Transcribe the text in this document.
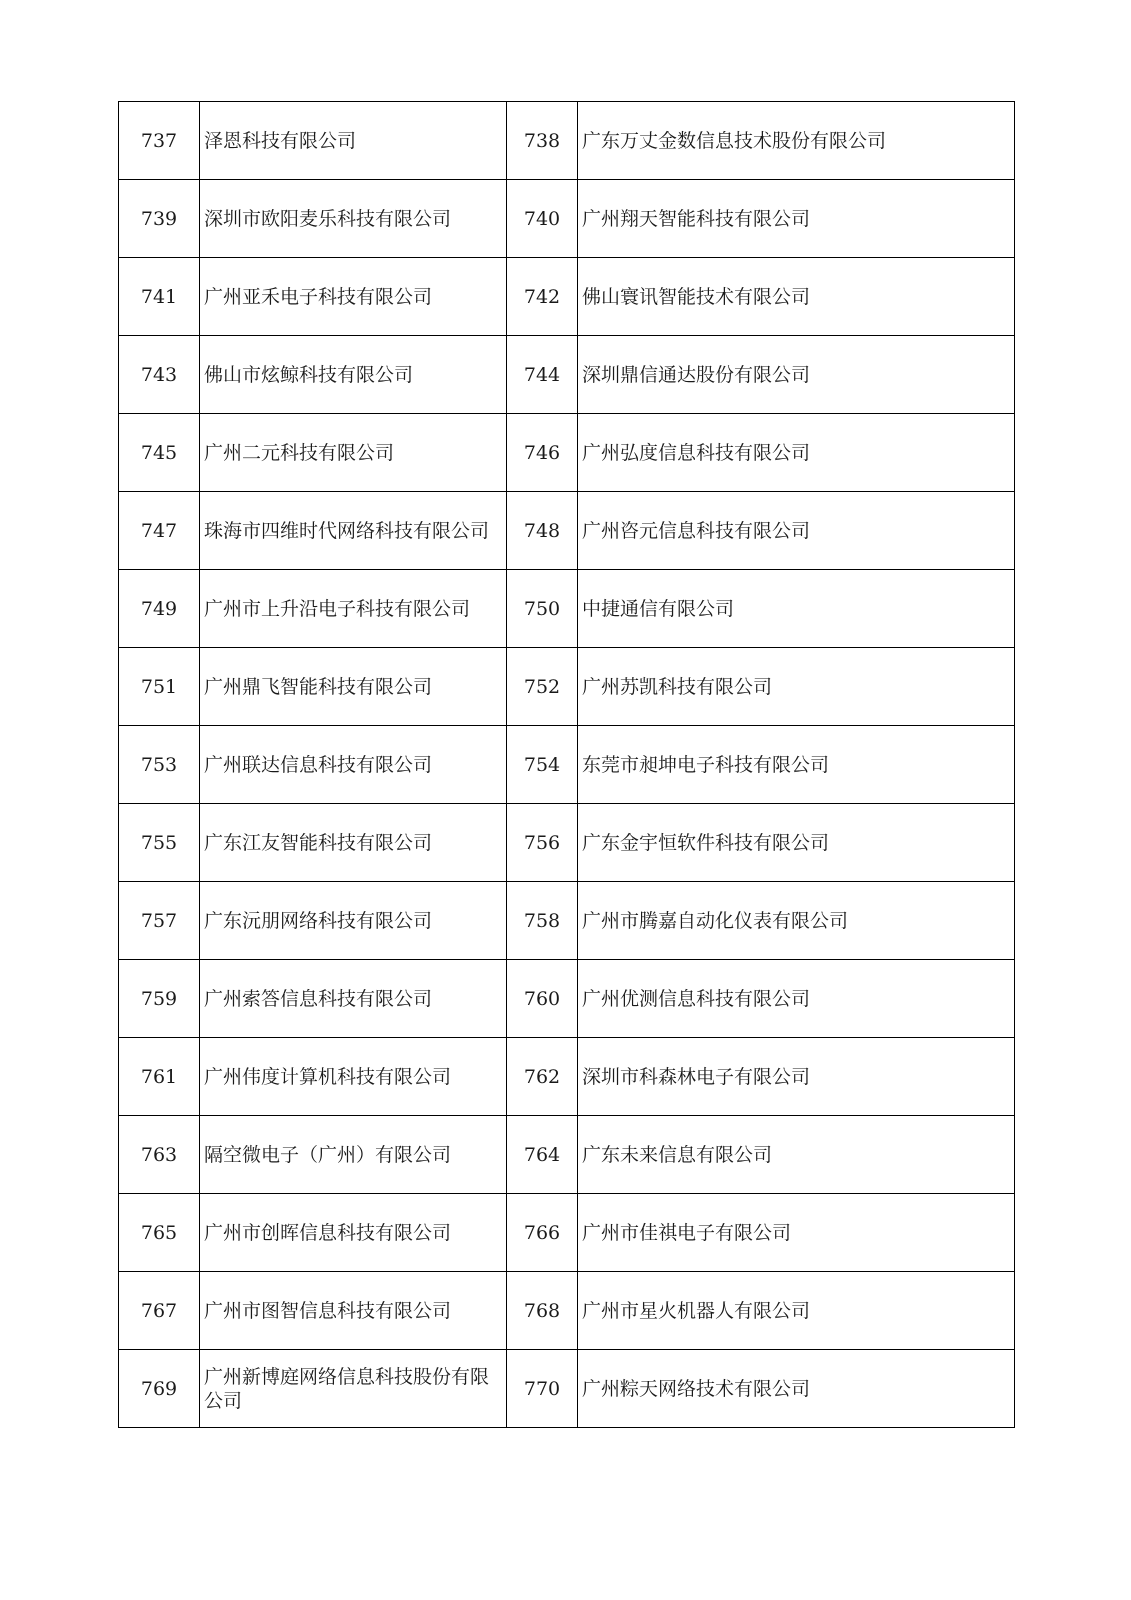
737	泽恩科技有限公司	738	广东万丈金数信息技术股份有限公司
739	深圳市欧阳麦乐科技有限公司	740	广州翔天智能科技有限公司
741	广州亚禾电子科技有限公司	742	佛山寰讯智能技术有限公司
743	佛山市炫鲸科技有限公司	744	深圳鼎信通达股份有限公司
745	广州二元科技有限公司	746	广州弘度信息科技有限公司
747	珠海市四维时代网络科技有限公司	748	广州咨元信息科技有限公司
749	广州市上升沿电子科技有限公司	750	中捷通信有限公司
751	广州鼎飞智能科技有限公司	752	广州苏凯科技有限公司
753	广州联达信息科技有限公司	754	东莞市昶坤电子科技有限公司
755	广东江友智能科技有限公司	756	广东金宇恒软件科技有限公司
757	广东沅朋网络科技有限公司	758	广州市腾嘉自动化仪表有限公司
759	广州索答信息科技有限公司	760	广州优测信息科技有限公司
761	广州伟度计算机科技有限公司	762	深圳市科森林电子有限公司
763	隔空微电子（广州）有限公司	764	广东未来信息有限公司
765	广州市创晖信息科技有限公司	766	广州市佳祺电子有限公司
767	广州市图智信息科技有限公司	768	广州市星火机器人有限公司
769	广州新博庭网络信息科技股份有限公司	770	广州粽天网络技术有限公司
